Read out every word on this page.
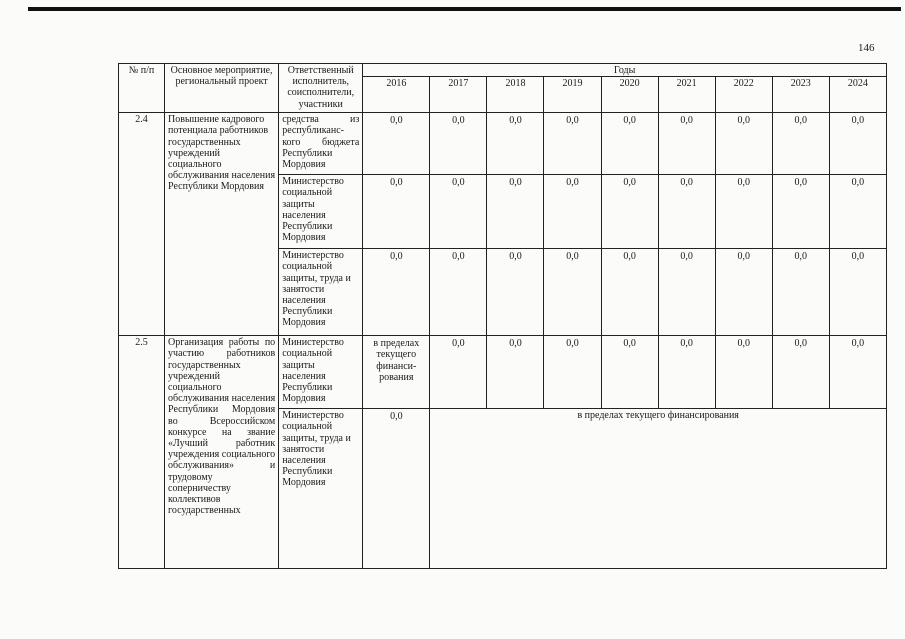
146
№ п/п	Основное мероприятие, региональный проект	Ответственный исполнитель, соисполнители, участники	Годы								
			2016	2017	2018	2019	2020	2021	2022	2023	2024
2.4	Повышение кадрового потенциала работников государственных учреждений социального обслуживания населения Республики Мордовия	средства из республиканс-кого бюджета Республики Мордовия	0,0	0,0	0,0	0,0	0,0	0,0	0,0	0,0	0,0
		Министерство социальной защиты населения Республики Мордовия	0,0	0,0	0,0	0,0	0,0	0,0	0,0	0,0	0,0
		Министерство социальной защиты, труда и занятости населения Республики Мордовия	0,0	0,0	0,0	0,0	0,0	0,0	0,0	0,0	0,0
2.5	Организация работы по участию работников государственных учреждений социального обслуживания населения Республики Мордовия во Всероссийском конкурсе на звание «Лучший работник учреждения социального обслуживания» и трудовому соперничеству коллективов государственных	Министерство социальной защиты населения Республики Мордовия	в пределах текущего финанси-рования	0,0	0,0	0,0	0,0	0,0	0,0	0,0	0,0
		Министерство социальной защиты, труда и занятости населения Республики Мордовия	0,0	в пределах текущего финансирования							
